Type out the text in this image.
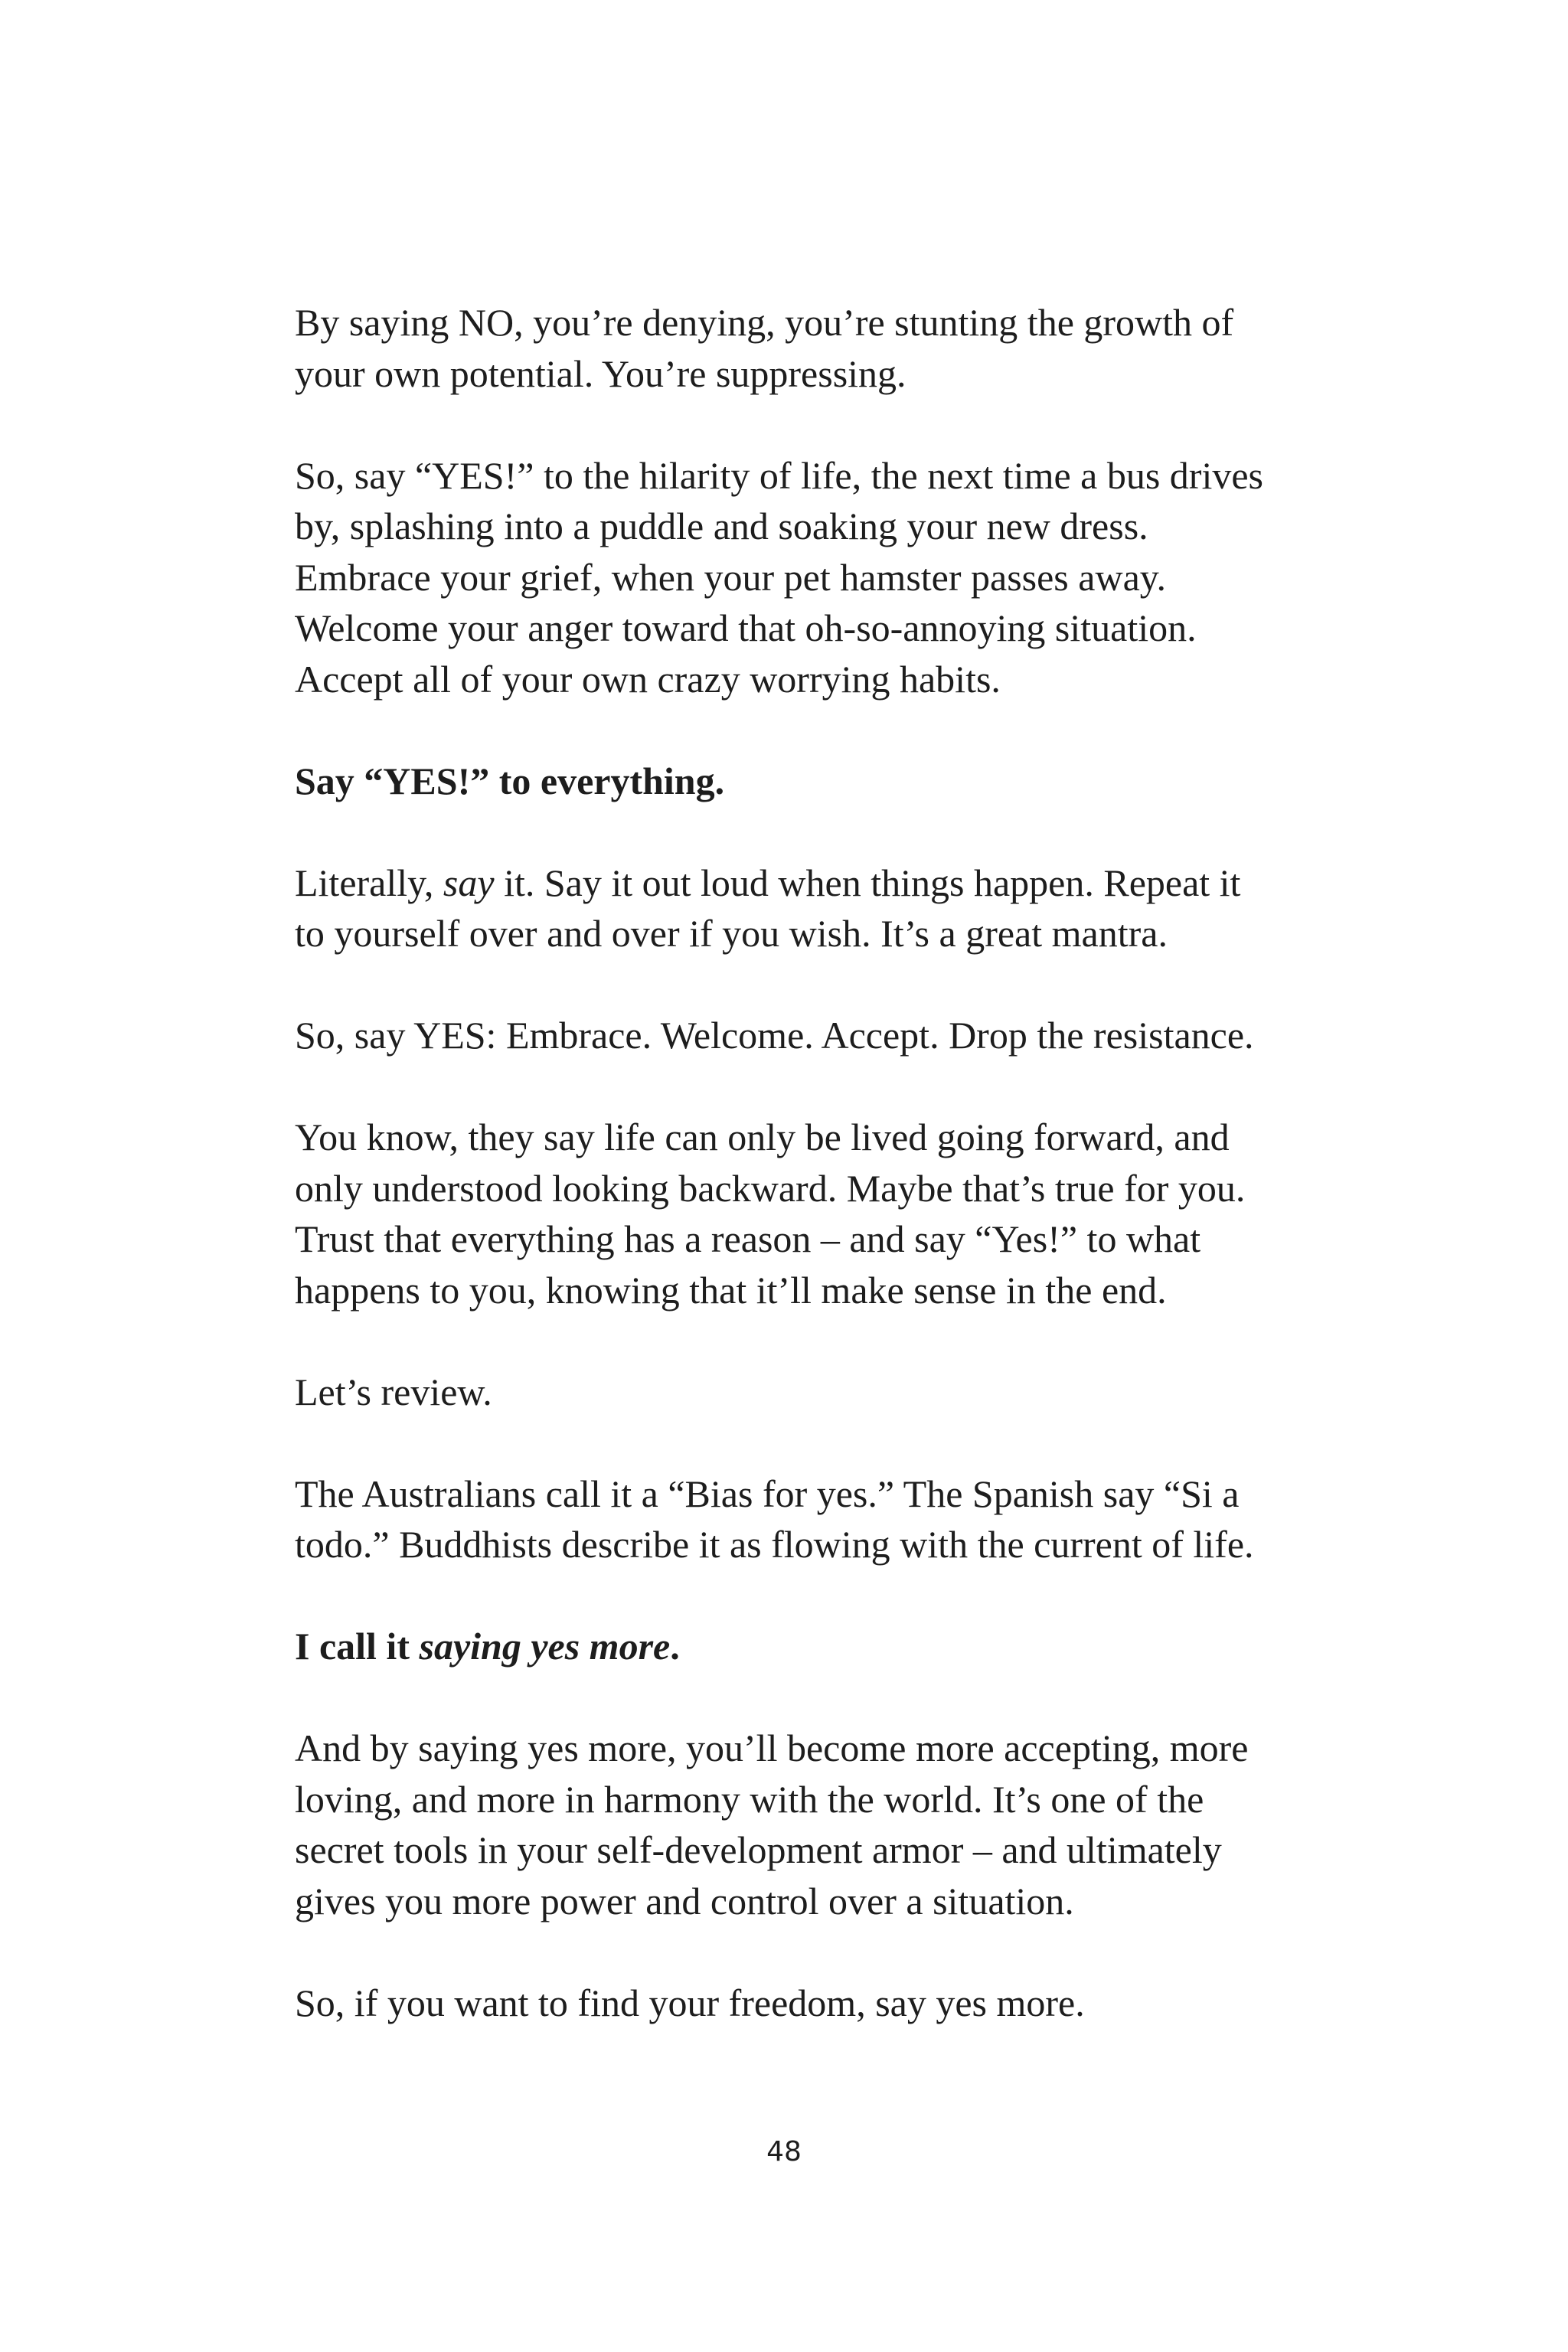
By saying NO, you’re denying, you’re stunting the growth of
your own potential. You’re suppressing.

So, say “YES!” to the hilarity of life, the next time a bus drives
by, splashing into a puddle and soaking your new dress.
Embrace your grief, when your pet hamster passes away.
Welcome your anger toward that oh-so-annoying situation.
Accept all of your own crazy worrying habits.

Say “YES!” to everything.

Literally, say it. Say it out loud when things happen. Repeat it
to yourself over and over if you wish. It’s a great mantra.

So, say YES: Embrace. Welcome. Accept. Drop the resistance.

You know, they say life can only be lived going forward, and
only understood looking backward. Maybe that’s true for you.
Trust that everything has a reason – and say “Yes!” to what
happens to you, knowing that it’ll make sense in the end.

Let’s review.

The Australians call it a “Bias for yes.” The Spanish say “Si a
todo.” Buddhists describe it as flowing with the current of life.

I call it saying yes more.

And by saying yes more, you’ll become more accepting, more
loving, and more in harmony with the world. It’s one of the
secret tools in your self-development armor – and ultimately
gives you more power and control over a situation.

So, if you want to find your freedom, say yes more.

48
